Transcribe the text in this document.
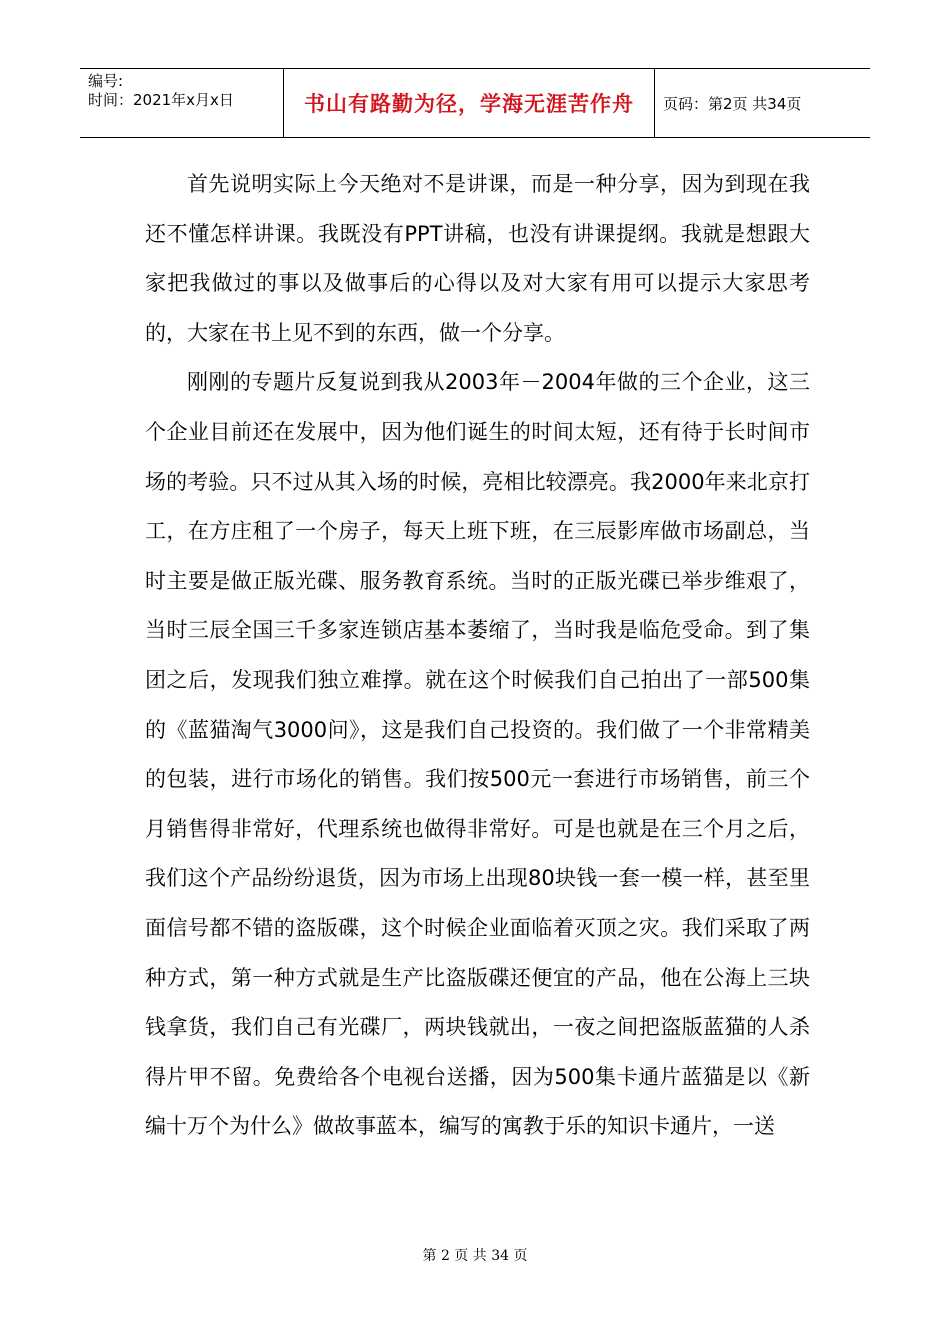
编号:
时间：2021年x月x日	书山有路勤为径，学海无涯苦作舟	页码：第2页 共34页

首先说明实际上今天绝对不是讲课，而是一种分享，因为到现在我还不懂怎样讲课。我既没有PPT讲稿，也没有讲课提纲。我就是想跟大家把我做过的事以及做事后的心得以及对大家有用可以提示大家思考的，大家在书上见不到的东西，做一个分享。

刚刚的专题片反复说到我从2003年－2004年做的三个企业，这三个企业目前还在发展中，因为他们诞生的时间太短，还有待于长时间市场的考验。只不过从其入场的时候，亮相比较漂亮。我2000年来北京打工，在方庄租了一个房子，每天上班下班，在三辰影库做市场副总，当时主要是做正版光碟、服务教育系统。当时的正版光碟已举步维艰了，当时三辰全国三千多家连锁店基本萎缩了，当时我是临危受命。到了集团之后，发现我们独立难撑。就在这个时候我们自己拍出了一部500集的《蓝猫淘气3000问》，这是我们自己投资的。我们做了一个非常精美的包装，进行市场化的销售。我们按500元一套进行市场销售，前三个月销售得非常好，代理系统也做得非常好。可是也就是在三个月之后，我们这个产品纷纷退货，因为市场上出现80块钱一套一模一样，甚至里面信号都不错的盗版碟，这个时候企业面临着灭顶之灾。我们采取了两种方式，第一种方式就是生产比盗版碟还便宜的产品，他在公海上三块钱拿货，我们自己有光碟厂，两块钱就出，一夜之间把盗版蓝猫的人杀得片甲不留。免费给各个电视台送播，因为500集卡通片蓝猫是以《新编十万个为什么》做故事蓝本，编写的寓教于乐的知识卡通片，一送

第 2 页 共 34 页
